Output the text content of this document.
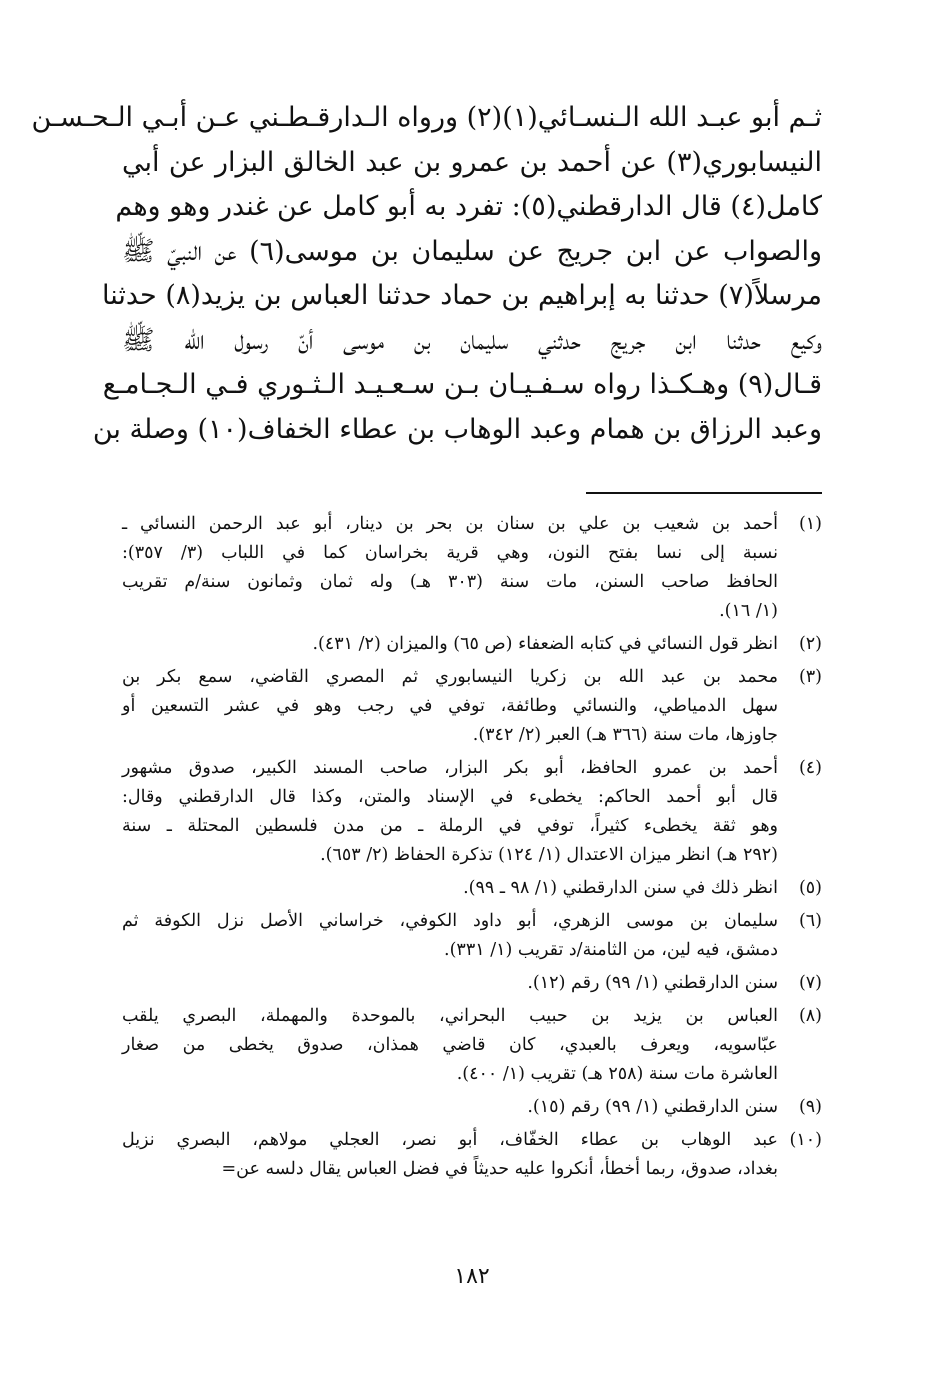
ثـم أبو عبـد الله الـنسـائي(١)(٢) ورواه الـدارقـطـني عـن أبـي الـحـسـن
النيسابوري(٣) عن أحمد بن عمرو بن عبد الخالق البزار عن أبي
كامل(٤) قال الدارقطني(٥): تفرد به أبو كامل عن غندر وهو وهم
والصواب عن ابن جريج عن سليمان بن موسى(٦) عن النبيّ ﷺ
مرسلاً(٧) حدثنا به إبراهيم بن حماد حدثنا العباس بن يزيد(٨) حدثنا
وكيع حدثنا ابن جريج حدثني سليمان بن موسى أنّ رسول الله ﷺ
قـال(٩) وهـكـذا رواه سـفـيـان بـن سـعـيـد الـثـوري فـي الـجـامـع
وعبد الرزاق بن همام وعبد الوهاب بن عطاء الخفاف(١٠) وصلة بن
(١)
أحمد بن شعيب بن علي بن سنان بن بحر بن دينار، أبو عبد الرحمن النسائي ـ
نسبة إلى نسا بفتح النون، وهي قرية بخراسان كما في اللباب (٣/ ٣٥٧):
الحافظ صاحب السنن، مات سنة (٣٠٣ هـ) وله ثمان وثمانون سنة/م تقريب
(١/ ١٦).
(٢)
انظر قول النسائي في كتابه الضعفاء (ص ٦٥) والميزان (٢/ ٤٣١).
(٣)
محمد بن عبد الله بن زكريا النيسابوري ثم المصري القاضي، سمع بكر بن
سهل الدمياطي، والنسائي وطائفة، توفي في رجب وهو في عشر التسعين أو
جاوزها، مات سنة (٣٦٦ هـ) العبر (٢/ ٣٤٢).
(٤)
أحمد بن عمرو الحافظ، أبو بكر البزار، صاحب المسند الكبير، صدوق مشهور
قال أبو أحمد الحاكم: يخطىء في الإسناد والمتن، وكذا قال الدارقطني وقال:
وهو ثقة يخطىء كثيراً، توفي في الرملة ـ من مدن فلسطين المحتلة ـ سنة
(٢٩٢ هـ) انظر ميزان الاعتدال (١/ ١٢٤) تذكرة الحفاظ (٢/ ٦٥٣).
(٥)
انظر ذلك في سنن الدارقطني (١/ ٩٨ ـ ٩٩).
(٦)
سليمان بن موسى الزهري، أبو داود الكوفي، خراساني الأصل نزل الكوفة ثم
دمشق، فيه لين، من الثامنة/د تقريب (١/ ٣٣١).
(٧)
سنن الدارقطني (١/ ٩٩) رقم (١٢).
(٨)
العباس بن يزيد بن حبيب البحراني، بالموحدة والمهملة، البصري يلقب
عبّاسويه، ويعرف بالعبدي، كان قاضي همذان، صدوق يخطى من صغار
العاشرة مات سنة (٢٥٨ هـ) تقريب (١/ ٤٠٠).
(٩)
سنن الدارقطني (١/ ٩٩) رقم (١٥).
(١٠)
عبد الوهاب بن عطاء الخفّاف، أبو نصر، العجلي مولاهم، البصري نزيل
بغداد، صدوق، ربما أخطأ، أنكروا عليه حديثاً في فضل العباس يقال دلسه عن=
١٨٢
